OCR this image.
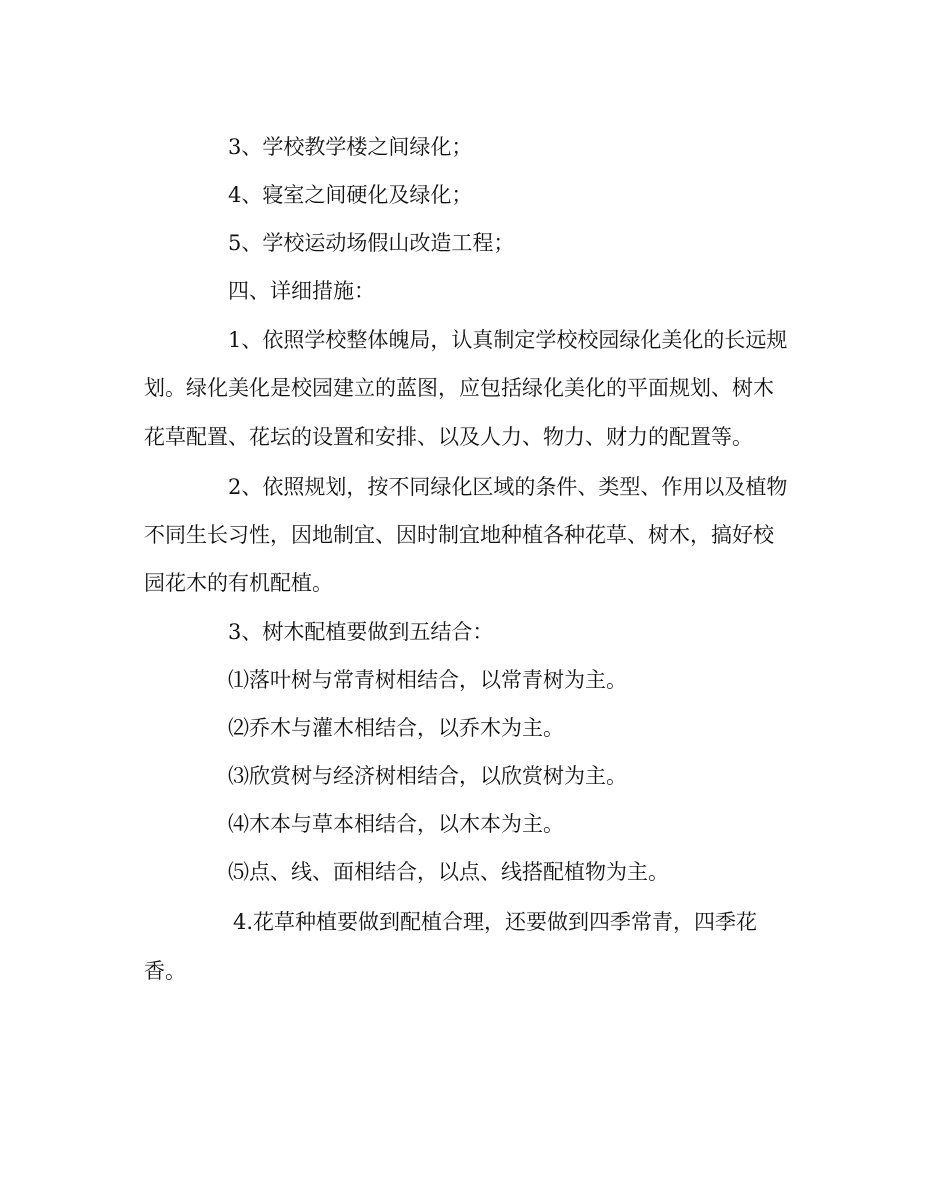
3、学校教学楼之间绿化；
4、寝室之间硬化及绿化；
5、学校运动场假山改造工程；
四、详细措施：
1、依照学校整体魄局，认真制定学校校园绿化美化的长远规
划。绿化美化是校园建立的蓝图，应包括绿化美化的平面规划、树木
花草配置、花坛的设置和安排、以及人力、物力、财力的配置等。
2、依照规划，按不同绿化区域的条件、类型、作用以及植物
不同生长习性，因地制宜、因时制宜地种植各种花草、树木，搞好校
园花木的有机配植。
3、树木配植要做到五结合：
⑴落叶树与常青树相结合，以常青树为主。
⑵乔木与灌木相结合，以乔木为主。
⑶欣赏树与经济树相结合，以欣赏树为主。
⑷木本与草本相结合，以木本为主。
⑸点、线、面相结合，以点、线搭配植物为主。
4.花草种植要做到配植合理，还要做到四季常青，四季花
香。
